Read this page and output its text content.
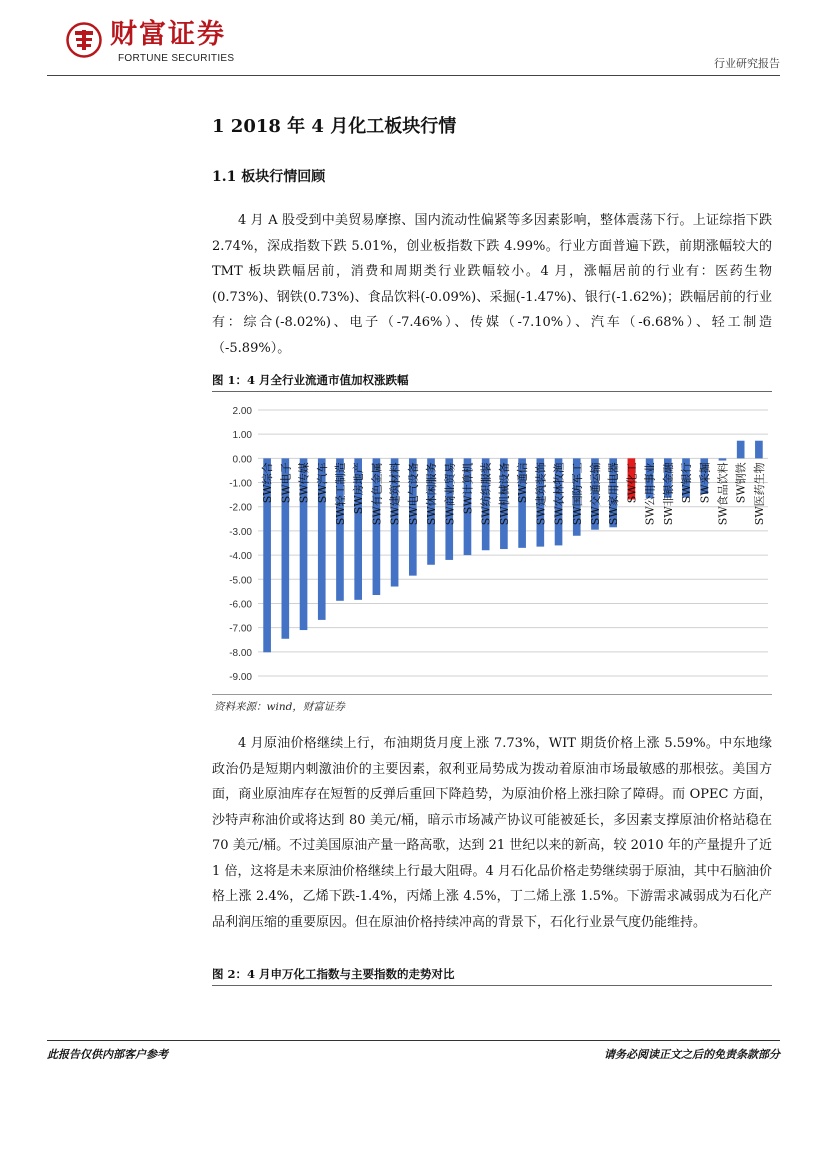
财富证券
FORTUNE SECURITIES	行业研究报告
1 2018 年 4 月化工板块行情
1.1 板块行情回顾
4 月 A 股受到中美贸易摩擦、国内流动性偏紧等多因素影响，整体震荡下行。上证综指下跌 2.74%，深成指数下跌 5.01%，创业板指数下跌 4.99%。行业方面普遍下跌，前期涨幅较大的 TMT 板块跌幅居前，消费和周期类行业跌幅较小。4 月，涨幅居前的行业有：医药生物(0.73%)、钢铁(0.73%)、食品饮料(-0.09%)、采掘(-1.47%)、银行(-1.62%)；跌幅居前的行业有：综合(-8.02%)、电子（-7.46%）、传媒（-7.10%）、汽车（-6.68%）、轻工制造（-5.89%）。
图 1：4 月全行业流通市值加权涨跌幅
2.00
1.00
0.00
-1.00
-2.00
-3.00
-4.00
-5.00
-6.00
-7.00
-8.00
-9.00
SW综合 SW电子 SW传媒 SW汽车 SW轻工制造 SW房地产 SW有色金属 SW建筑材料 SW电气设备 SW休闲服务 SW商业贸易 SW计算机 SW纺织服装 SW机械设备 SW通信 SW建筑装饰 SW农林牧渔 SW国防军工 SW交通运输 SW家用电器 SW化工 SW公用事业 SW非银金融 SW银行 SW采掘 SW食品饮料 SW钢铁 SW医药生物
资料来源：wind，财富证券
4 月原油价格继续上行，布油期货月度上涨 7.73%，WIT 期货价格上涨 5.59%。中东地缘政治仍是短期内刺激油价的主要因素，叙利亚局势成为拨动着原油市场最敏感的那根弦。美国方面，商业原油库存在短暂的反弹后重回下降趋势，为原油价格上涨扫除了障碍。而 OPEC 方面，沙特声称油价或将达到 80 美元/桶，暗示市场减产协议可能被延长，多因素支撑原油价格站稳在 70 美元/桶。不过美国原油产量一路高歌，达到 21 世纪以来的新高，较 2010 年的产量提升了近 1 倍，这将是未来原油价格继续上行最大阻碍。4 月石化品价格走势继续弱于原油，其中石脑油价格上涨 2.4%，乙烯下跌-1.4%，丙烯上涨 4.5%，丁二烯上涨 1.5%。下游需求减弱成为石化产品利润压缩的重要原因。但在原油价格持续冲高的背景下，石化行业景气度仍能维持。
图 2：4 月申万化工指数与主要指数的走势对比
此报告仅供内部客户参考	请务必阅读正文之后的免责条款部分
